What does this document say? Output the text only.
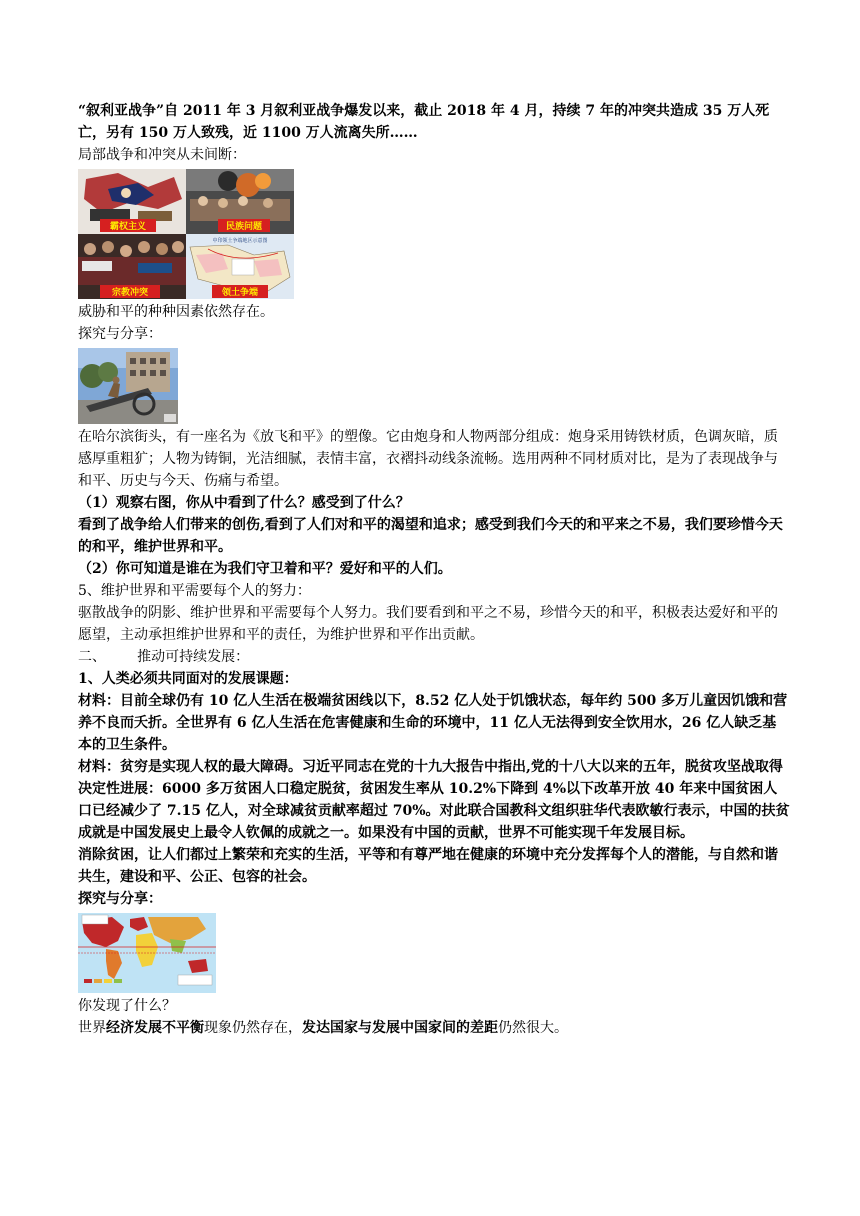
“叙利亚战争”自 2011 年 3 月叙利亚战争爆发以来，截止 2018 年 4 月，持续 7 年的冲突共造成 35 万人死亡，另有 150 万人致残，近 1100 万人流离失所……

局部战争和冲突从未间断：

霸权主义	民族问题
宗教冲突
中印领土争端地区示意图
领土争端

威胁和平的种种因素依然存在。

探究与分享：

在哈尔滨街头，有一座名为《放飞和平》的塑像。它由炮身和人物两部分组成：炮身采用铸铁材质，色调灰暗，质感厚重粗犷；人物为铸铜，光洁细腻，表情丰富，衣褶抖动线条流畅。选用两种不同材质对比，是为了表现战争与和平、历史与今天、伤痛与希望。

（1）观察右图，你从中看到了什么？感受到了什么？

看到了战争给人们带来的创伤,看到了人们对和平的渴望和追求；感受到我们今天的和平来之不易，我们要珍惜今天的和平，维护世界和平。

（2）你可知道是谁在为我们守卫着和平？爱好和平的人们。

5、维护世界和平需要每个人的努力：

驱散战争的阴影、维护世界和平需要每个人努力。我们要看到和平之不易，珍惜今天的和平，积极表达爱好和平的愿望，主动承担维护世界和平的责任，为维护世界和平作出贡献。

二、       推动可持续发展：

1、人类必须共同面对的发展课题：

材料：目前全球仍有 10 亿人生活在极端贫困线以下，8.52 亿人处于饥饿状态，每年约 500 多万儿童因饥饿和营养不良而夭折。全世界有 6 亿人生活在危害健康和生命的环境中，11 亿人无法得到安全饮用水，26 亿人缺乏基本的卫生条件。

材料：贫穷是实现人权的最大障碍。习近平同志在党的十九大报告中指出,党的十八大以来的五年，脱贫攻坚战取得决定性进展：6000 多万贫困人口稳定脱贫，贫困发生率从 10.2%下降到 4%以下改革开放 40 年来中国贫困人口已经减少了 7.15 亿人，对全球减贫贡献率超过 70%。对此联合国教科文组织驻华代表欧敏行表示，中国的扶贫成就是中国发展史上最令人钦佩的成就之一。如果没有中国的贡献，世界不可能实现千年发展目标。

消除贫困，让人们都过上繁荣和充实的生活，平等和有尊严地在健康的环境中充分发挥每个人的潜能，与自然和谐共生，建设和平、公正、包容的社会。

探究与分享：

你发现了什么？

世界经济发展不平衡现象仍然存在，发达国家与发展中国家间的差距仍然很大。
